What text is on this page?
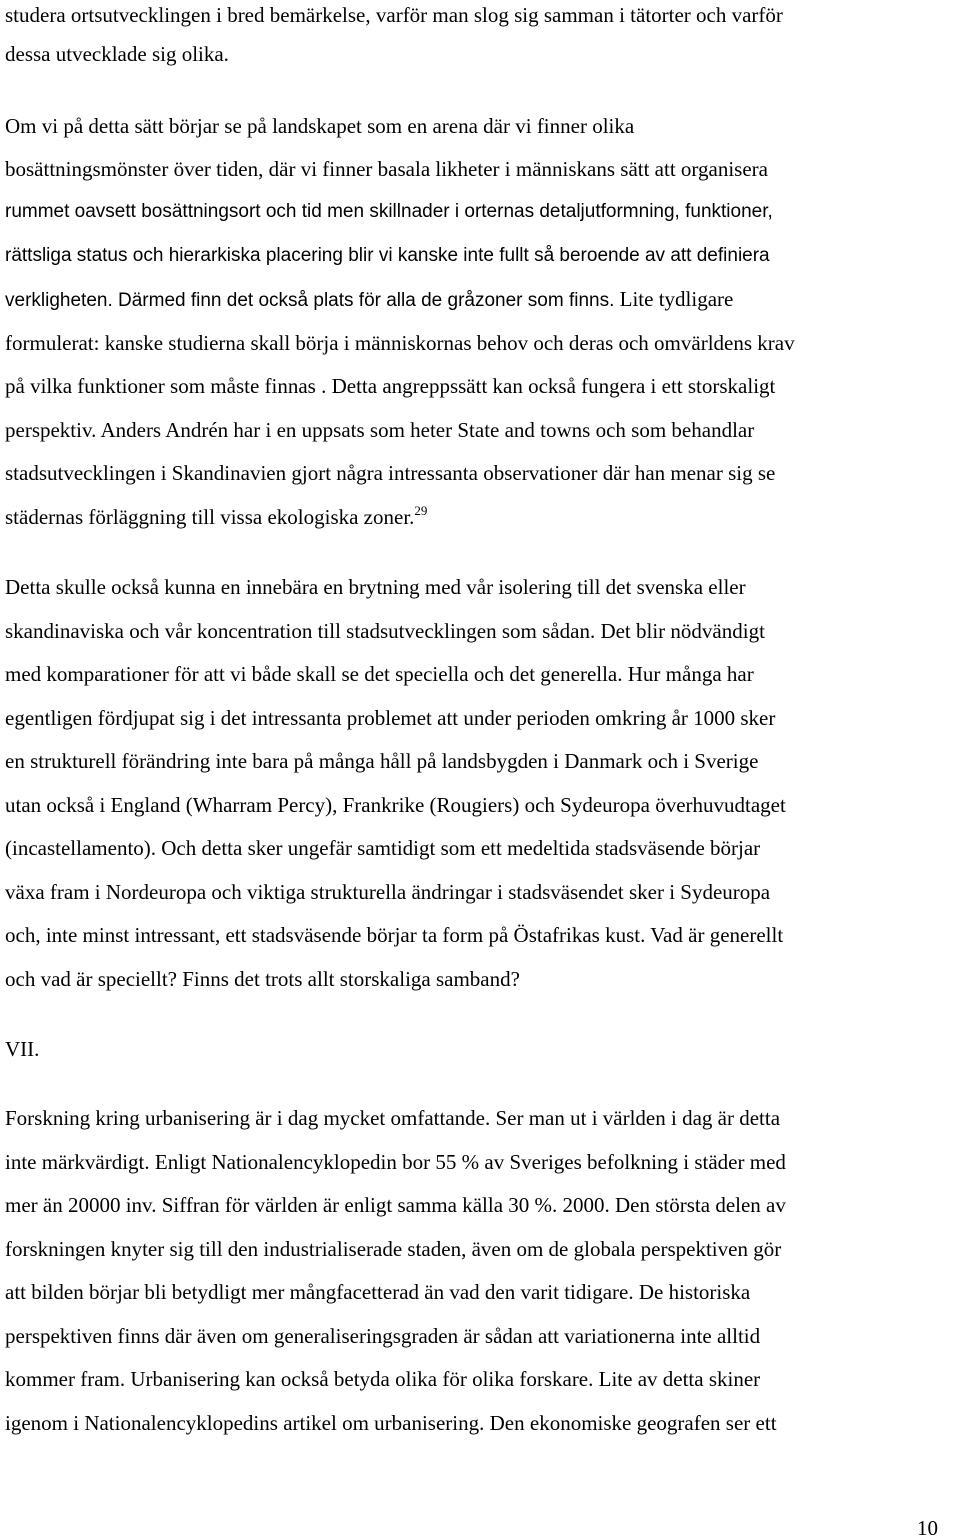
studera ortsutvecklingen i bred bemärkelse, varför man slog sig samman i tätorter och varför

dessa utvecklade sig olika.

Om vi på detta sätt börjar se på landskapet som en arena där vi finner olika

bosättningsmönster över tiden, där vi finner basala likheter i människans sätt att organisera

rummet oavsett bosättningsort och tid men skillnader i orternas detaljutformning, funktioner,

rättsliga status och hierarkiska placering blir vi kanske inte fullt så beroende av att definiera

verkligheten. Därmed finn det också plats för alla de gråzoner som finns. Lite tydligare

formulerat: kanske studierna skall börja i människornas behov och deras och omvärldens krav

på vilka funktioner som måste finnas . Detta angreppssätt kan också fungera i ett storskaligt

perspektiv. Anders Andrén har i en uppsats som heter State and towns och som behandlar

stadsutvecklingen i Skandinavien gjort några intressanta observationer där han menar sig se

städernas förläggning till vissa ekologiska zoner.$^{29}$

Detta skulle också kunna en innebära en brytning med vår isolering till det svenska eller

skandinaviska och vår koncentration till stadsutvecklingen som sådan. Det blir nödvändigt

med komparationer för att vi både skall se det speciella och det generella. Hur många har

egentligen fördjupat sig i det intressanta problemet att under perioden omkring år 1000 sker

en strukturell förändring inte bara på många håll på landsbygden i Danmark och i Sverige

utan också i England (Wharram Percy), Frankrike (Rougiers) och Sydeuropa överhuvudtaget

(incastellamento). Och detta sker ungefär samtidigt som ett medeltida stadsväsende börjar

växa fram i Nordeuropa och viktiga strukturella ändringar i stadsväsendet sker i Sydeuropa

och, inte minst intressant, ett stadsväsende börjar ta form på Östafrikas kust. Vad är generellt

och vad är speciellt? Finns det trots allt storskaliga samband?

VII.

Forskning kring urbanisering är i dag mycket omfattande. Ser man ut i världen i dag är detta

inte märkvärdigt. Enligt Nationalencyklopedin bor 55 % av Sveriges befolkning i städer med

mer än 20000 inv. Siffran för världen är enligt samma källa 30 %. 2000. Den största delen av

forskningen knyter sig till den industrialiserade staden, även om de globala perspektiven gör

att bilden börjar bli betydligt mer mångfacetterad än vad den varit tidigare. De historiska

perspektiven finns där även om generaliseringsgraden är sådan att variationerna inte alltid

kommer fram. Urbanisering kan också betyda olika för olika forskare. Lite av detta skiner

igenom i Nationalencyklopedins artikel om urbanisering. Den ekonomiske geografen ser ett

10
